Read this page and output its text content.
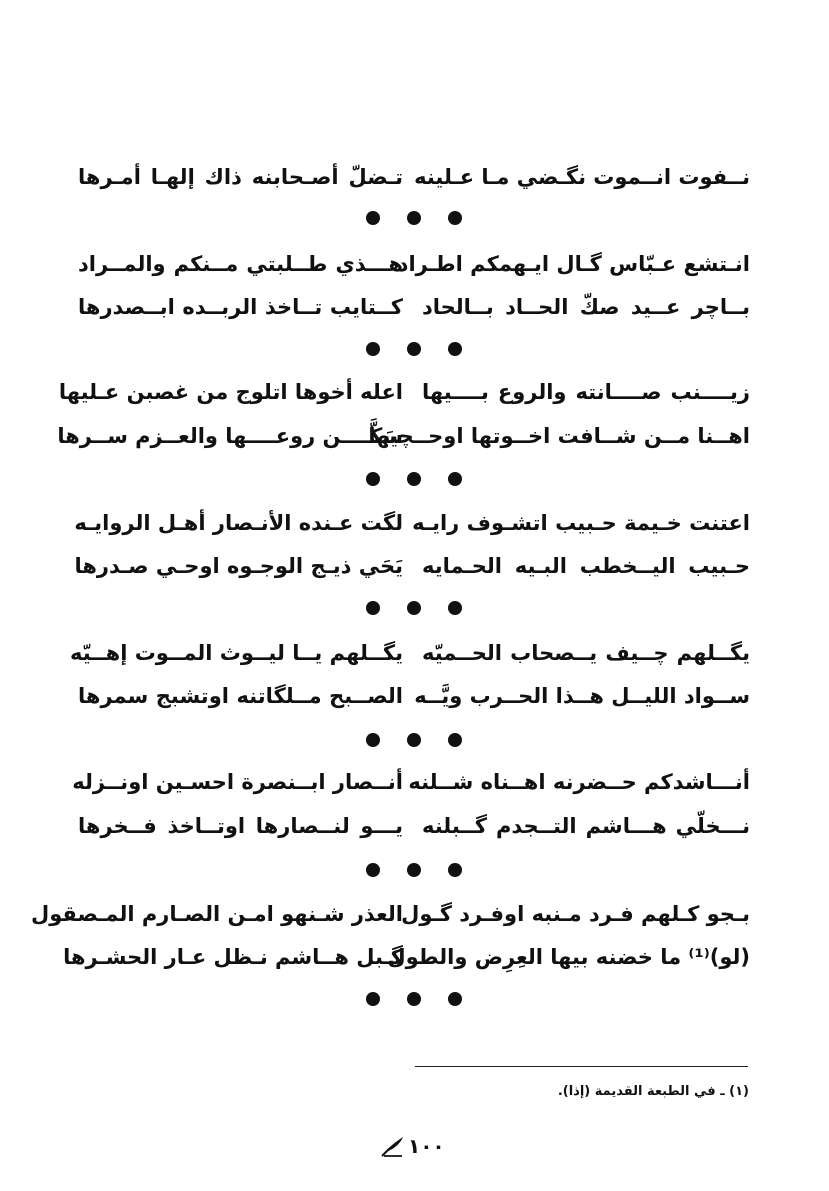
نــفوت انــموت نگـضي مـا عـلينه
تـضلّ أصـحابنه ذاك إلهـا أمـرها
انـتشع عـبّاس گـال ايـهمكم اطـراد
هـــذي طــلبتي مــنكم والمــراد
بــاچر عــيد صكّ الحــاد بــالحاد
كــتايب تــاخذ الربــده ابــصدرها
زيــــنب صــــانته والروع بــــيها
اعله أخوها اتلوج من غصبن عـليها
اهــنا مــن شــافت اخــوتها اوحــچيها
سَكَّــــن روعــــها والعــزم ســرها
اعتنت خـيمة حـبيب اتشـوف رايـه
لگت عـنده الأنـصار أهـل الروايـه
حـبيب اليــخطب البـيه الحـمايه
يَحَي ذيـج الوجـوه اوحـي صـدرها
يگــلهم چــيف يــصحاب الحــميّه
يگــلهم يــا ليــوث المــوت إهــيّه
ســواد الليــل هــذا الحــرب ويَّــه
الصــبح مــلگاتنه اوتشبج سمرها
أنـــاشدكم حــضرنه اهــناه شــلنه
أنــصار ابــنصرة احسـين اونــزله
نـــخلّي هـــاشم التــجدم گــبلنه
يـــو لنــصارها اوتــاخذ فــخرها
بـجو كـلهم فـرد مـنبه اوفـرد گـول
العذر شـنهو امـن الصـارم المـصقول
(لو)⁽¹⁾ ما خضنه بيها العِرِض والطول
گـبل هــاشم نـظل عـار الحشـرها
(١) ـ في الطبعة القديمة (إذا).
١٠٠
